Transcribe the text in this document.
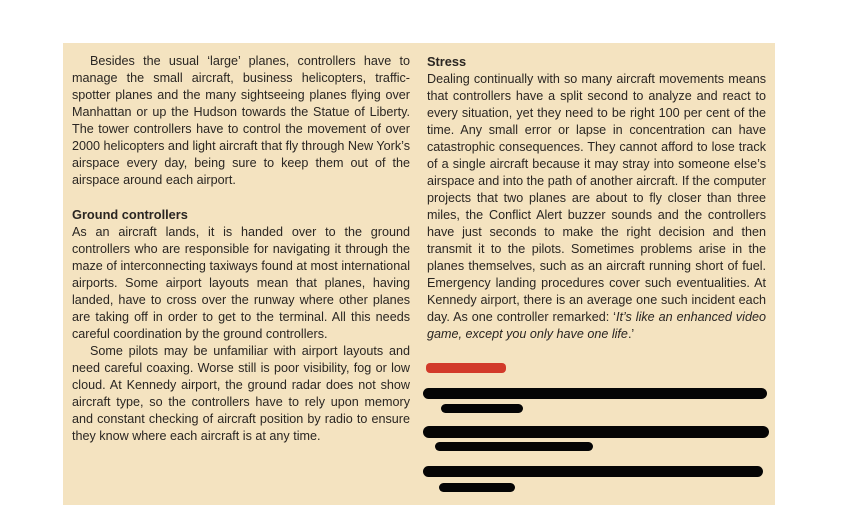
Besides the usual ‘large’ planes, controllers have to manage the small aircraft, business helicopters, traffic-spotter planes and the many sightseeing planes flying over Manhattan or up the Hudson towards the Statue of Liberty. The tower controllers have to control the movement of over 2000 helicopters and light aircraft that fly through New York’s airspace every day, being sure to keep them out of the airspace around each airport.

Ground controllers

As an aircraft lands, it is handed over to the ground controllers who are responsible for navigating it through the maze of interconnecting taxiways found at most international airports. Some airport layouts mean that planes, having landed, have to cross over the runway where other planes are taking off in order to get to the terminal. All this needs careful coordination by the ground controllers.

Some pilots may be unfamiliar with airport layouts and need careful coaxing. Worse still is poor visibility, fog or low cloud. At Kennedy airport, the ground radar does not show aircraft type, so the controllers have to rely upon memory and constant checking of aircraft position by radio to ensure they know where each aircraft is at any time.

Stress

Dealing continually with so many aircraft movements means that controllers have a split second to analyze and react to every situation, yet they need to be right 100 per cent of the time. Any small error or lapse in concentration can have catastrophic consequences. They cannot afford to lose track of a single aircraft because it may stray into someone else’s airspace and into the path of another aircraft. If the computer projects that two planes are about to fly closer than three miles, the Conflict Alert buzzer sounds and the controllers have just seconds to make the right decision and then transmit it to the pilots. Sometimes problems arise in the planes themselves, such as an aircraft running short of fuel. Emergency landing procedures cover such eventualities. At Kennedy airport, there is an average one such incident each day. As one controller remarked: ‘It’s like an enhanced video game, except you only have one life.’
